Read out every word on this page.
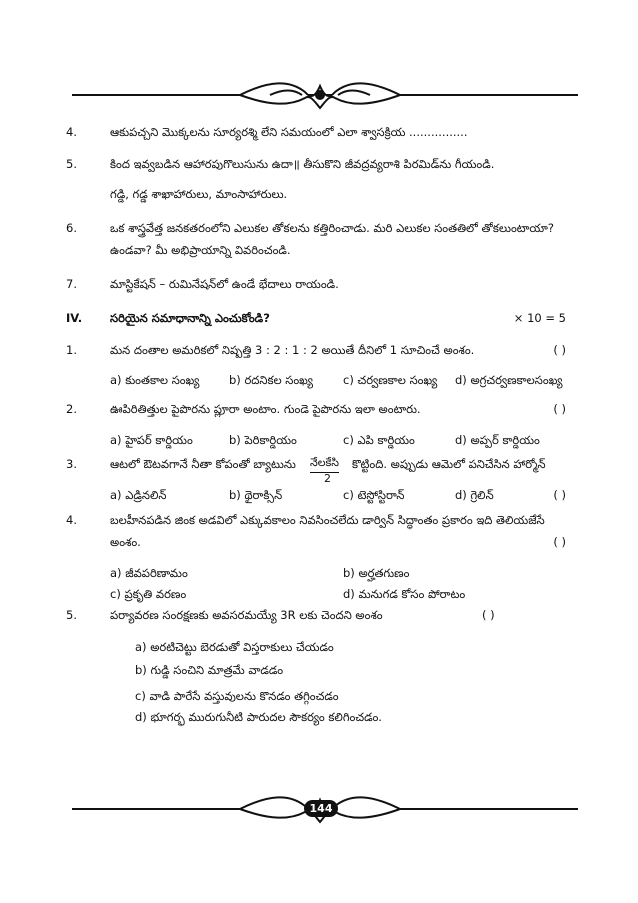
4.	ఆకుపచ్చని మొక్కలను సూర్యరశ్మి లేని సమయంలో ఎలా శ్వాసక్రియ ................
5.	కింద ఇవ్వబడిన ఆహారపుగొలుసును ఉదా॥ తీసుకొని జీవద్రవ్యరాశి పిరమిడ్‌ను గీయండి.
గడ్డి, గడ్డ శాఖాహారులు, మాంసాహారులు.
6.	ఒక శాస్త్రవేత్త జనకతరంలోని ఎలుకల తోకలను కత్తిరించాడు. మరి ఎలుకల సంతతిలో తోకలుంటాయా?
ఉండవా? మీ అభిప్రాయాన్ని వివరించండి.
7.	మాస్టికేషన్ – రుమినేషన్‌లో ఉండే భేదాలు రాయండి.
IV. సరియైన సమాధానాన్ని ఎంచుకోండి?	× 10 = 5
1.	మన దంతాల అమరికలో నిష్పత్తి 3 : 2 : 1 : 2 అయితే దీనిలో 1 సూచించే అంశం.	( )
a) కుంతకాల సంఖ్య	b) రదనికల సంఖ్య	c) చర్వణకాల సంఖ్య d) అగ్రచర్వణకాలసంఖ్య
2.	ఊపిరితిత్తుల పైపొరను ప్లూరా అంటాం. గుండె పైపొరను ఇలా అంటారు.	( )
a) హైపర్ కార్డియం	b) పెరికార్డియం	c) ఎపి కార్డియం	d) అప్పర్ కార్డియం
3.	ఆటలో ఔటవగానే నీతా కోపంతో బ్యాటును నేలకేసి
2
కొట్టింది. అప్పుడు ఆమెలో పనిచేసిన హార్మోన్
a) ఎడ్రినలిన్	b) థైరాక్సిన్	c) టెస్టోస్టిరాన్	d) గ్రెలిన్	( )
4.	బలహీనపడిన జింక అడవిలో ఎక్కువకాలం నివసించలేదు డార్విన్ సిద్ధాంతం ప్రకారం ఇది తెలియజేసే
అంశం.	( )
a) జీవపరిణామం	b) అర్హతగుణం
c) ప్రకృతి వరణం	d) మనుగడ కోసం పోరాటం
5.	పర్యావరణ సంరక్షణకు అవసరమయ్యే 3R లకు చెందని అంశం	( )
a) అరటిచెట్టు బెరడుతో విస్తరాకులు చేయడం
b) గుడ్డి సంచిని మాత్రమే వాడడం
c) వాడి పారేసే వస్తువులను కొనడం తగ్గించడం
d) భూగర్భ మురుగునీటి పారుదల సౌకర్యం కలిగించడం.
144
